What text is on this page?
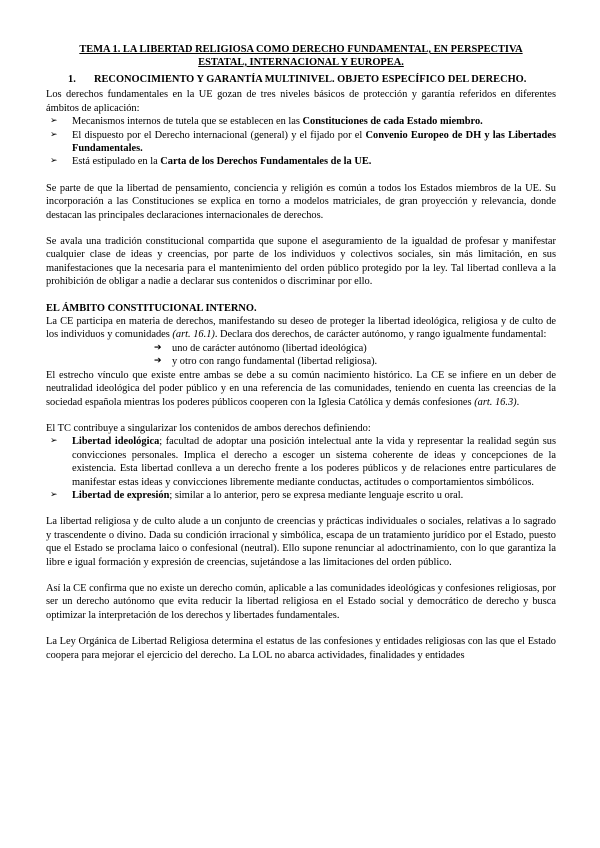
TEMA 1. LA LIBERTAD RELIGIOSA COMO DERECHO FUNDAMENTAL, EN PERSPECTIVA
ESTATAL, INTERNACIONAL Y EUROPEA.

1.	RECONOCIMIENTO Y GARANTÍA MULTINIVEL. OBJETO ESPECÍFICO DEL DERECHO.

Los derechos fundamentales en la UE gozan de tres niveles básicos de protección y garantía referidos en diferentes ámbitos de aplicación:

➢	Mecanismos internos de tutela que se establecen en las Constituciones de cada Estado miembro.
➢	El dispuesto por el Derecho internacional (general) y el fijado por el Convenio Europeo de DH y las Libertades Fundamentales.
➢	Está estipulado en la Carta de los Derechos Fundamentales de la UE.

Se parte de que la libertad de pensamiento, conciencia y religión es común a todos los Estados miembros de la UE. Su incorporación a las Constituciones se explica en torno a modelos matriciales, de gran proyección y relevancia, donde destacan las principales declaraciones internacionales de derechos.

Se avala una tradición constitucional compartida que supone el aseguramiento de la igualdad de profesar y manifestar cualquier clase de ideas y creencias, por parte de los individuos y colectivos sociales, sin más limitación, en sus manifestaciones que la necesaria para el mantenimiento del orden público protegido por la ley. Tal libertad conlleva a la prohibición de obligar a nadie a declarar sus contenidos o discriminar por ello.

EL ÁMBITO CONSTITUCIONAL INTERNO.

La CE participa en materia de derechos, manifestando su deseo de proteger la libertad ideológica, religiosa y de culto de los individuos y comunidades (art. 16.1). Declara dos derechos, de carácter autónomo, y rango igualmente fundamental:

➔	uno de carácter autónomo (libertad ideológica)
➔	y otro con rango fundamental (libertad religiosa).

El estrecho vínculo que existe entre ambas se debe a su común nacimiento histórico. La CE se infiere en un deber de neutralidad ideológica del poder público y en una referencia de las comunidades, teniendo en cuenta las creencias de la sociedad española mientras los poderes públicos cooperen con la Iglesia Católica y demás confesiones (art. 16.3).

El TC contribuye a singularizar los contenidos de ambos derechos definiendo:

➢	Libertad ideológica; facultad de adoptar una posición intelectual ante la vida y representar la realidad según sus convicciones personales. Implica el derecho a escoger un sistema coherente de ideas y concepciones de la existencia. Esta libertad conlleva a un derecho frente a los poderes públicos y de relaciones entre particulares de manifestar estas ideas y convicciones libremente mediante conductas, actitudes o comportamientos simbólicos.
➢	Libertad de expresión; similar a lo anterior, pero se expresa mediante lenguaje escrito u oral.

La libertad religiosa y de culto alude a un conjunto de creencias y prácticas individuales o sociales, relativas a lo sagrado y trascendente o divino. Dada su condición irracional y simbólica, escapa de un tratamiento jurídico por el Estado, puesto que el Estado se proclama laico o confesional (neutral). Ello supone renunciar al adoctrinamiento, con lo que garantiza la libre e igual formación y expresión de creencias, sujetándose a las limitaciones del orden público.

Así la CE confirma que no existe un derecho común, aplicable a las comunidades ideológicas y confesiones religiosas, por ser un derecho autónomo que evita reducir la libertad religiosa en el Estado social y democrático de derecho y busca optimizar la interpretación de los derechos y libertades fundamentales.

La Ley Orgánica de Libertad Religiosa determina el estatus de las confesiones y entidades religiosas con las que el Estado coopera para mejorar el ejercicio del derecho. La LOL no abarca actividades, finalidades y entidades
